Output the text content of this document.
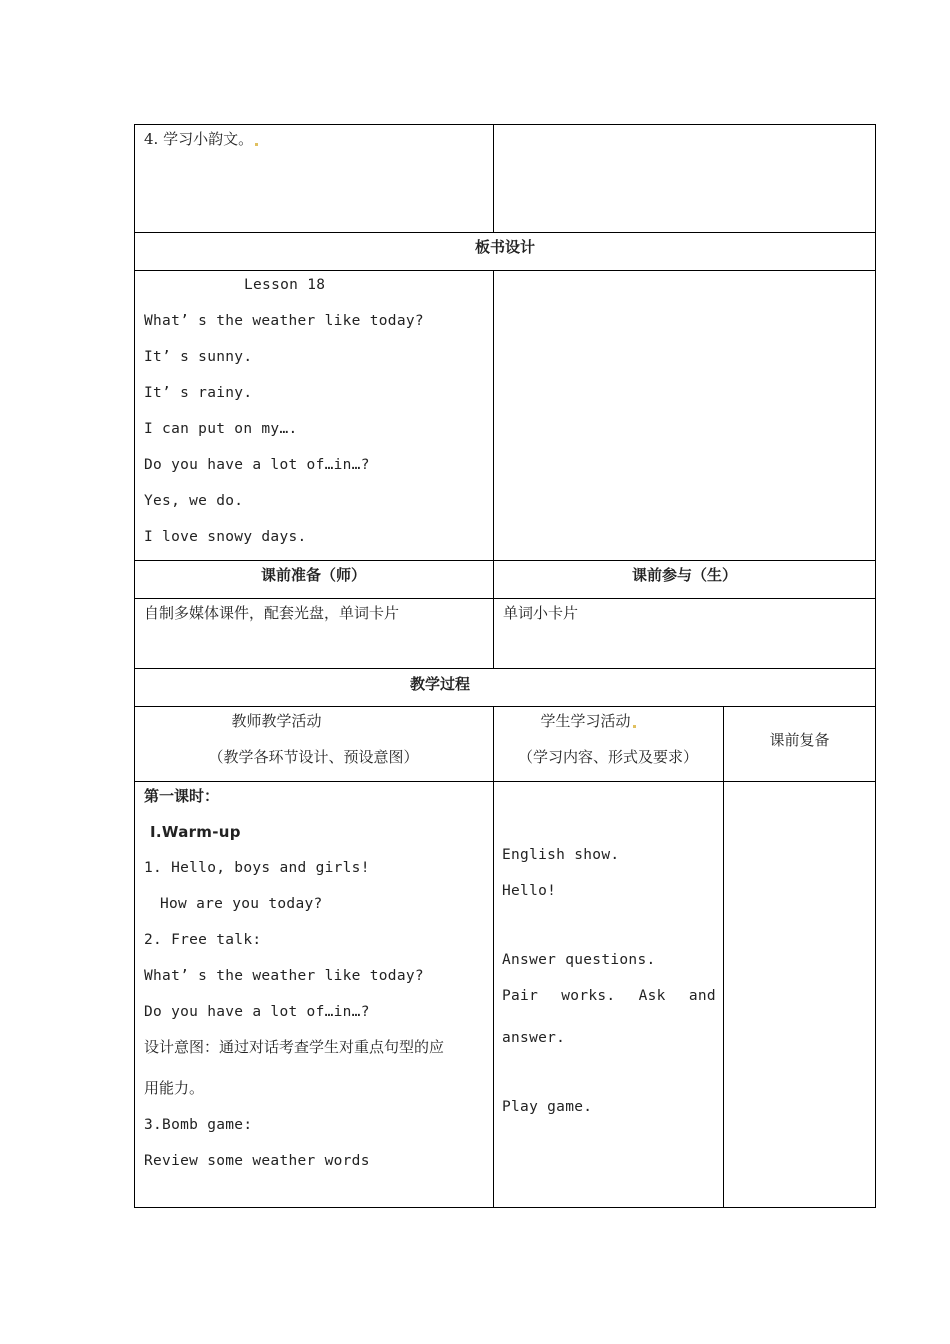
4. 学习小韵文。
板书设计
Lesson 18
What’ s the weather like today?
It’ s sunny.
It’ s rainy.
I can put on my….
Do you have a lot of…in…?
Yes, we do.
I love snowy days.
课前准备（师）	课前参与（生）
自制多媒体课件，配套光盘，单词卡片	单词小卡片
教学过程
教师教学活动
（教学各环节设计、预设意图）
学生学习活动
（学习内容、形式及要求）
课前复备
第一课时：
Ⅰ.Warm-up
1. Hello, boys and girls!
How are you today?
2. Free talk:
What’ s the weather like today?
Do you have a lot of…in…?
设计意图：通过对话考查学生对重点句型的应
用能力。
3.Bomb game:
Review some weather words
English show.
Hello!
Answer questions.
Pair works. Ask and
answer.
Play game.
